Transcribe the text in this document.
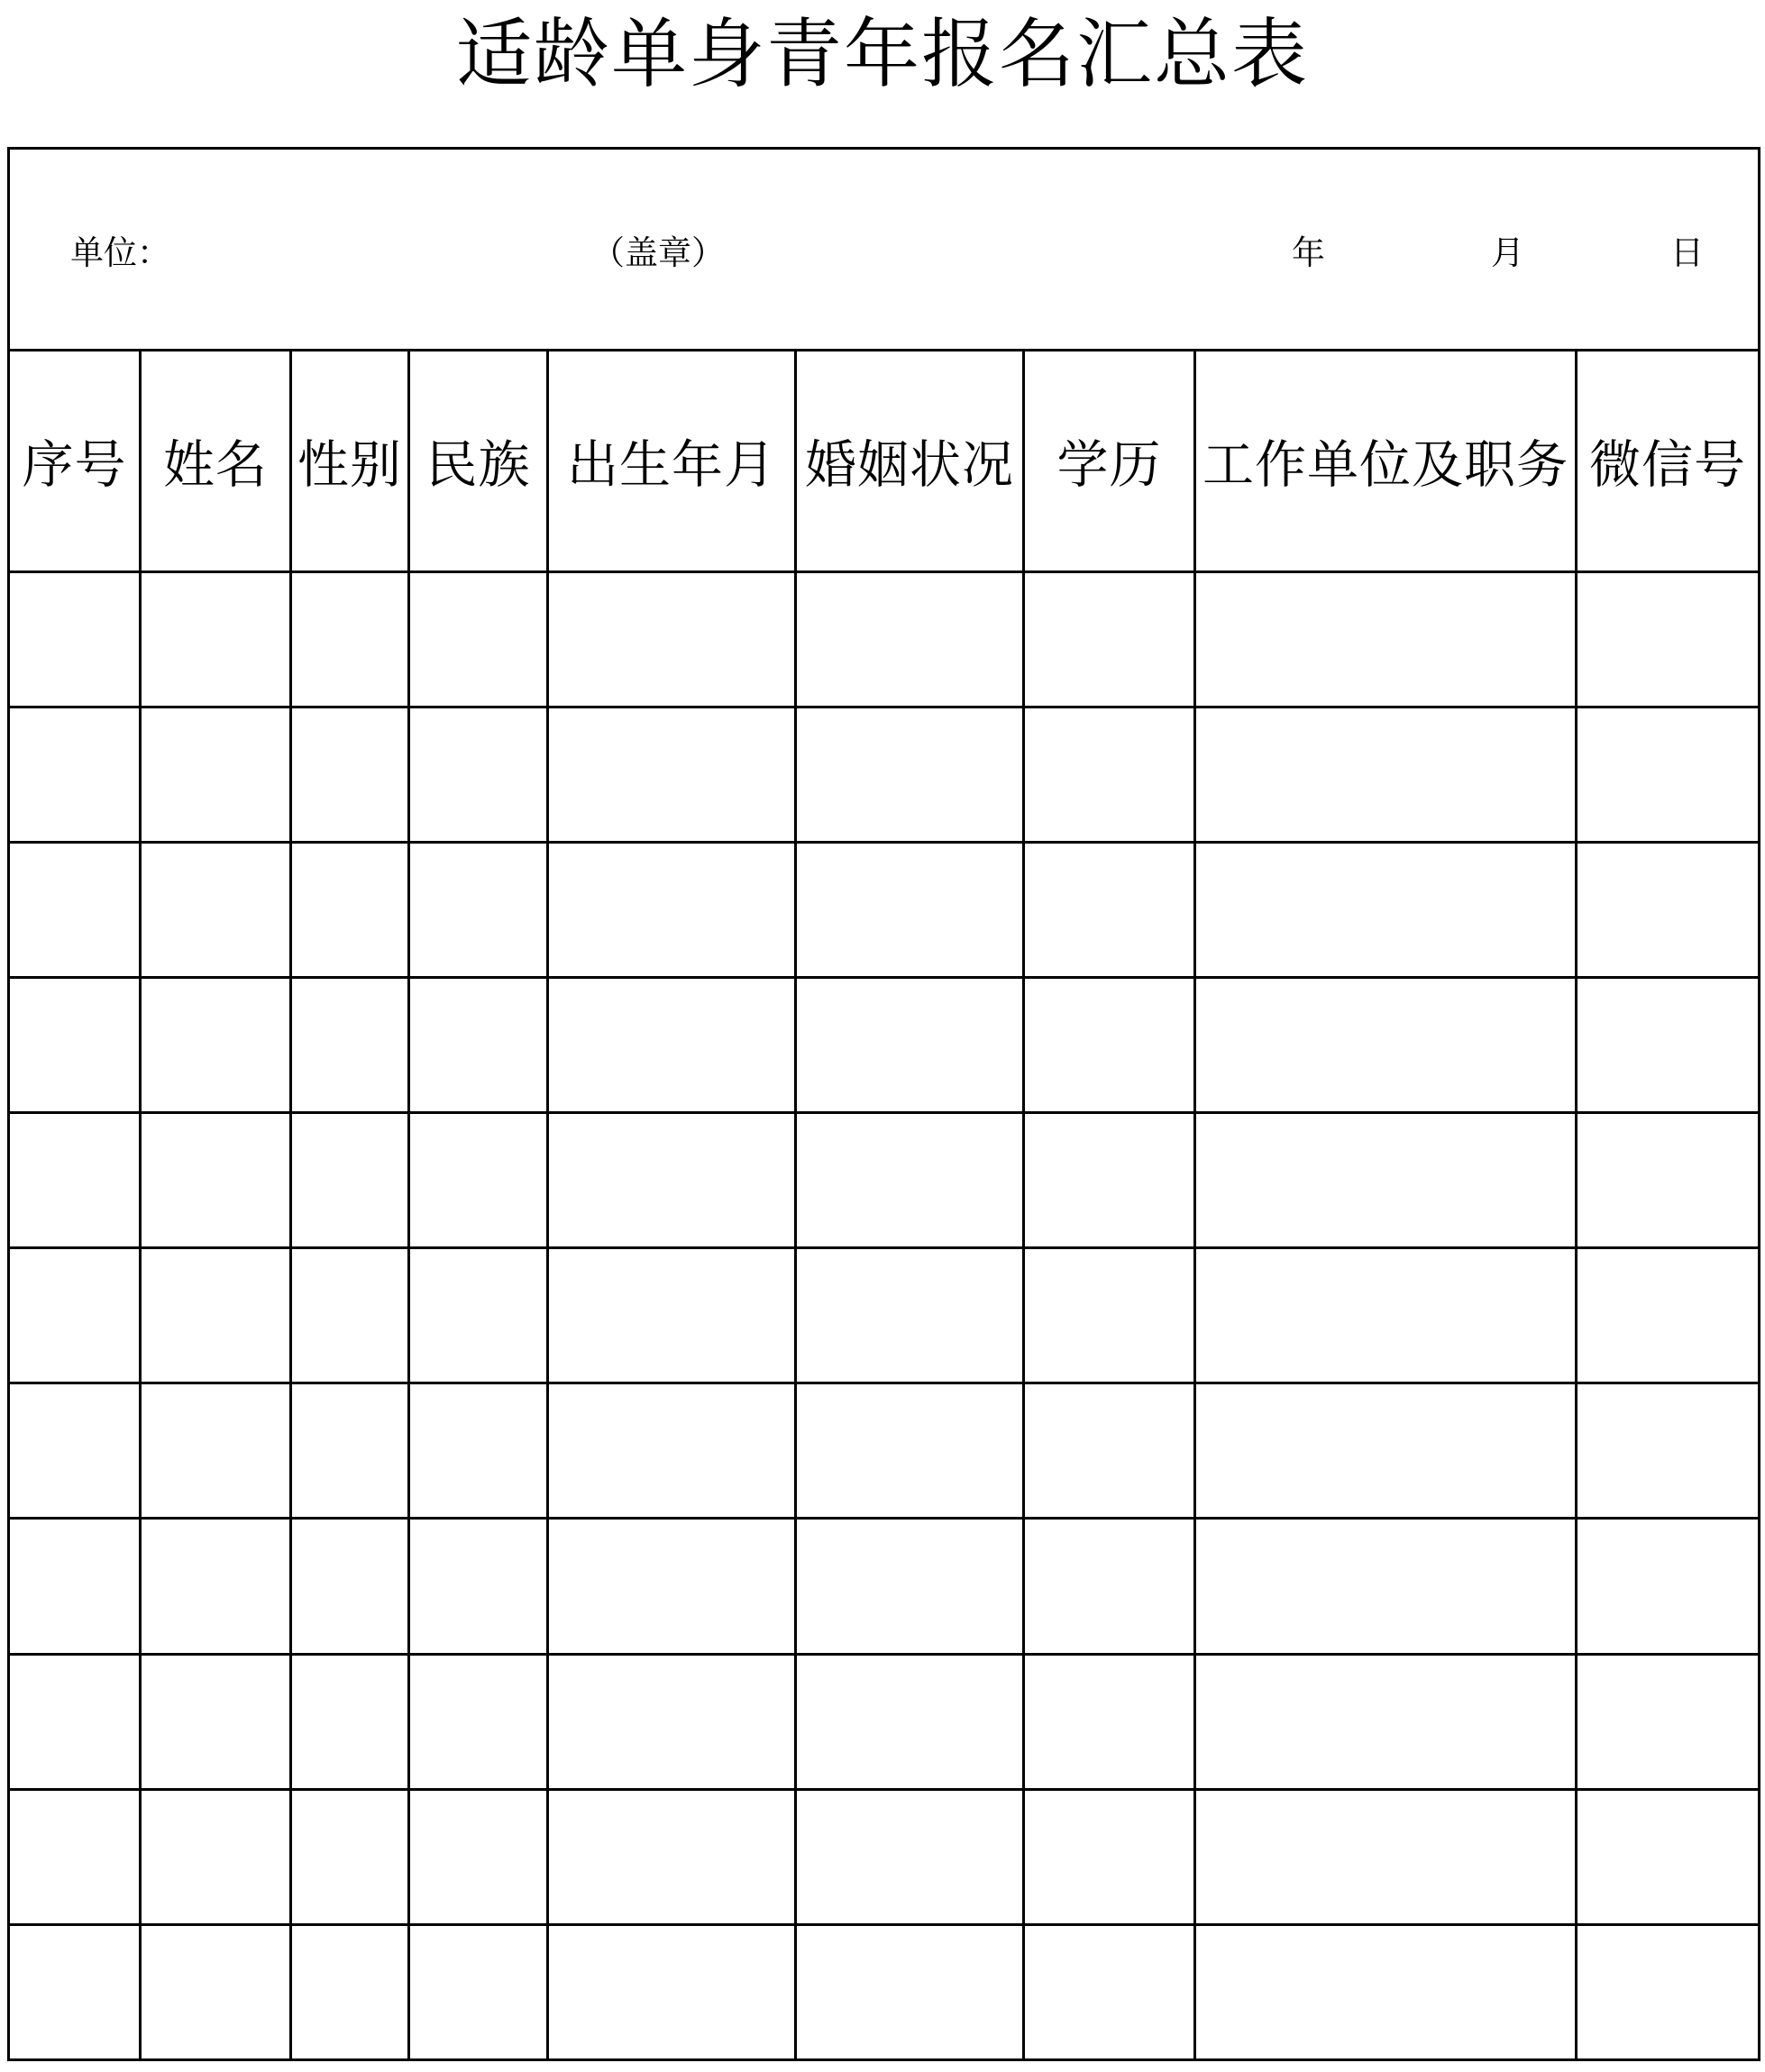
适龄单身青年报名汇总表
单位： （盖章） 年 月 日								

序号	姓名	性别	民族	出生年月	婚姻状况	学历	工作单位及职务	微信号
